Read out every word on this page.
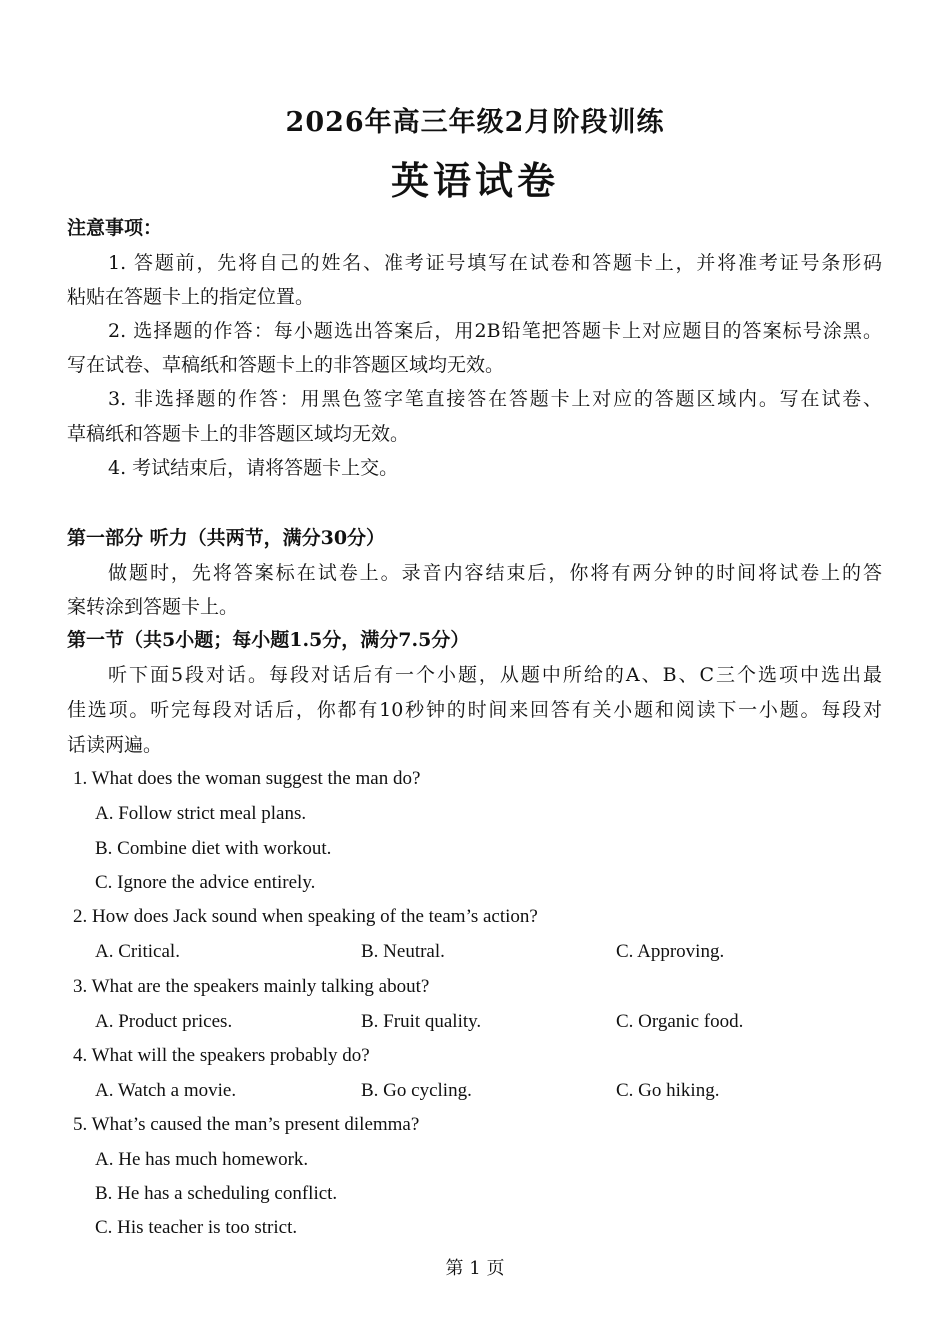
2026年高三年级2月阶段训练
英语试卷
注意事项：
1. 答题前，先将自己的姓名、准考证号填写在试卷和答题卡上，并将准考证号条形码
粘贴在答题卡上的指定位置。
2. 选择题的作答：每小题选出答案后，用2B铅笔把答题卡上对应题目的答案标号涂黑。
写在试卷、草稿纸和答题卡上的非答题区域均无效。
3. 非选择题的作答：用黑色签字笔直接答在答题卡上对应的答题区域内。写在试卷、
草稿纸和答题卡上的非答题区域均无效。
4. 考试结束后，请将答题卡上交。
第一部分 听力（共两节，满分30分）
做题时，先将答案标在试卷上。录音内容结束后，你将有两分钟的时间将试卷上的答
案转涂到答题卡上。
第一节（共5小题；每小题1.5分，满分7.5分）
听下面5段对话。每段对话后有一个小题，从题中所给的A、B、C三个选项中选出最
佳选项。听完每段对话后，你都有10秒钟的时间来回答有关小题和阅读下一小题。每段对
话读两遍。
1. What does the woman suggest the man do?
A. Follow strict meal plans.
B. Combine diet with workout.
C. Ignore the advice entirely.
2. How does Jack sound when speaking of the team’s action?
A. Critical.	B. Neutral.	C. Approving.
3. What are the speakers mainly talking about?
A. Product prices.	B. Fruit quality.	C. Organic food.
4. What will the speakers probably do?
A. Watch a movie.	B. Go cycling.	C. Go hiking.
5. What’s caused the man’s present dilemma?
A. He has much homework.
B. He has a scheduling conflict.
C. His teacher is too strict.
第 1 页
